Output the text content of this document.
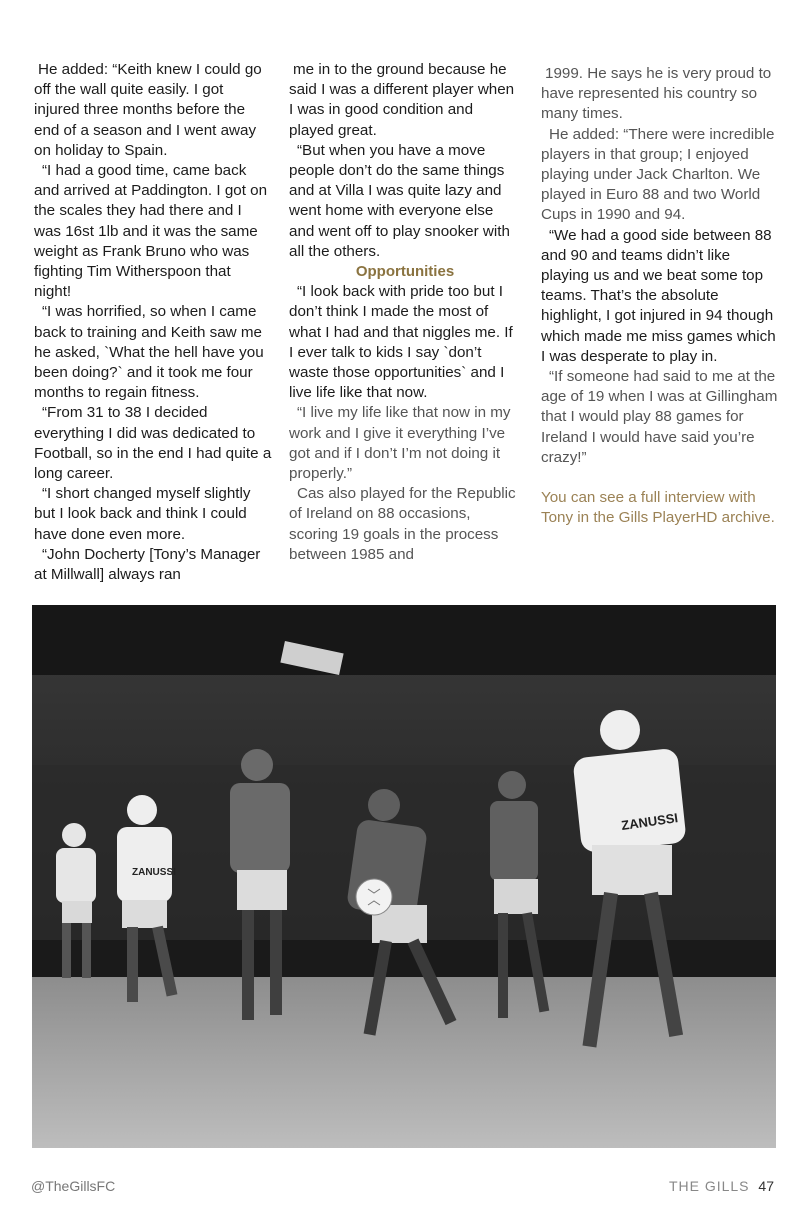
He added: “Keith knew I could go off the wall quite easily. I got injured three months before the end of a season and I went away on holiday to Spain.

“I had a good time, came back and arrived at Paddington. I got on the scales they had there and I was 16st 1lb and it was the same weight as Frank Bruno who was fighting Tim Witherspoon that night!

“I was horrified, so when I came back to training and Keith saw me he asked, `What the hell have you been doing?` and it took me four months to regain fitness.

“From 31 to 38 I decided everything I did was dedicated to Football, so in the end I had quite a long career.

“I short changed myself slightly but I look back and think I could have done even more.

“John Docherty [Tony’s Manager at Millwall] always ran

me in to the ground because he said I was a different player when I was in good condition and played great.

“But when you have a move people don’t do the same things and at Villa I was quite lazy and went home with everyone else and went off to play snooker with all the others.

Opportunities

“I look back with pride too but I don’t think I made the most of what I had and that niggles me. If I ever talk to kids I say `don’t waste those opportunities` and I live life like that now.

“I live my life like that now in my work and I give it everything I’ve got and if I don’t I’m not doing it properly.”

Cas also played for the Republic of Ireland on 88 occasions, scoring 19 goals in the process between 1985 and

1999. He says he is very proud to have represented his country so many times.

He added: “There were incredible players in that group; I enjoyed playing under Jack Charlton. We played in Euro 88 and two World Cups in 1990 and 94.

“We had a good side between 88 and 90 and teams didn’t like playing us and we beat some top teams. That’s the absolute highlight, I got injured in 94 though which made me miss games which I was desperate to play in.

“If someone had said to me at the age of 19 when I was at Gillingham that I would play 88 games for Ireland I would have said you’re crazy!”

You can see a full interview with Tony in the Gills PlayerHD archive.

ZANUSSI
ZANUSSI
@TheGillsFC	THE GILLS 47
